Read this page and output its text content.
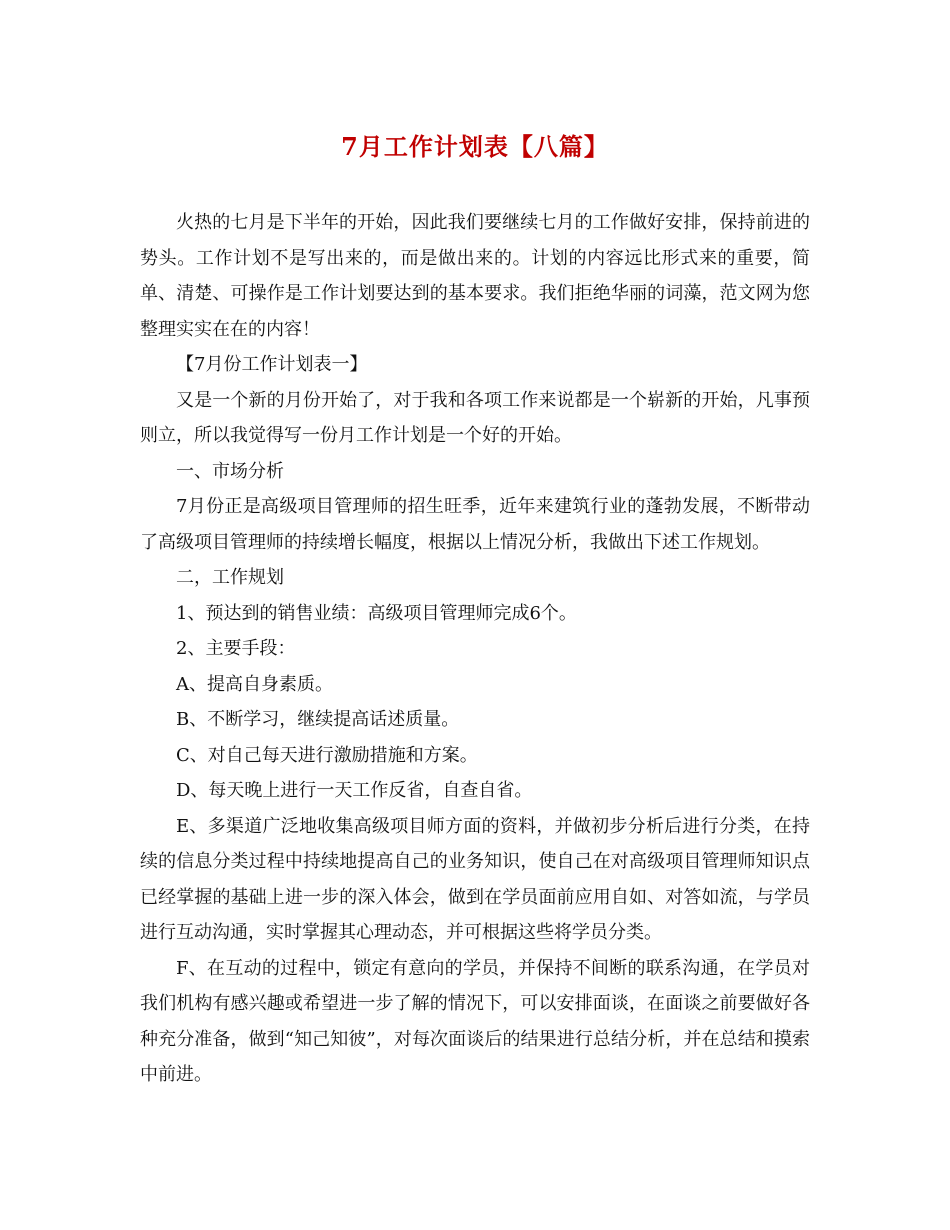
7月工作计划表【八篇】

火热的七月是下半年的开始，因此我们要继续七月的工作做好安排，保持前进的势头。工作计划不是写出来的，而是做出来的。计划的内容远比形式来的重要，简单、清楚、可操作是工作计划要达到的基本要求。我们拒绝华丽的词藻，范文网为您整理实实在在的内容！

【7月份工作计划表一】

又是一个新的月份开始了，对于我和各项工作来说都是一个崭新的开始，凡事预则立，所以我觉得写一份月工作计划是一个好的开始。

一、市场分析

7月份正是高级项目管理师的招生旺季，近年来建筑行业的蓬勃发展，不断带动了高级项目管理师的持续增长幅度，根据以上情况分析，我做出下述工作规划。

二，工作规划

1、预达到的销售业绩：高级项目管理师完成6个。

2、主要手段：

A、提高自身素质。

B、不断学习，继续提高话述质量。

C、对自己每天进行激励措施和方案。

D、每天晚上进行一天工作反省，自查自省。

E、多渠道广泛地收集高级项目师方面的资料，并做初步分析后进行分类，在持续的信息分类过程中持续地提高自己的业务知识，使自己在对高级项目管理师知识点已经掌握的基础上进一步的深入体会，做到在学员面前应用自如、对答如流，与学员进行互动沟通，实时掌握其心理动态，并可根据这些将学员分类。

F、在互动的过程中，锁定有意向的学员，并保持不间断的联系沟通，在学员对我们机构有感兴趣或希望进一步了解的情况下，可以安排面谈，在面谈之前要做好各种充分准备，做到“知己知彼”，对每次面谈后的结果进行总结分析，并在总结和摸索中前进。
